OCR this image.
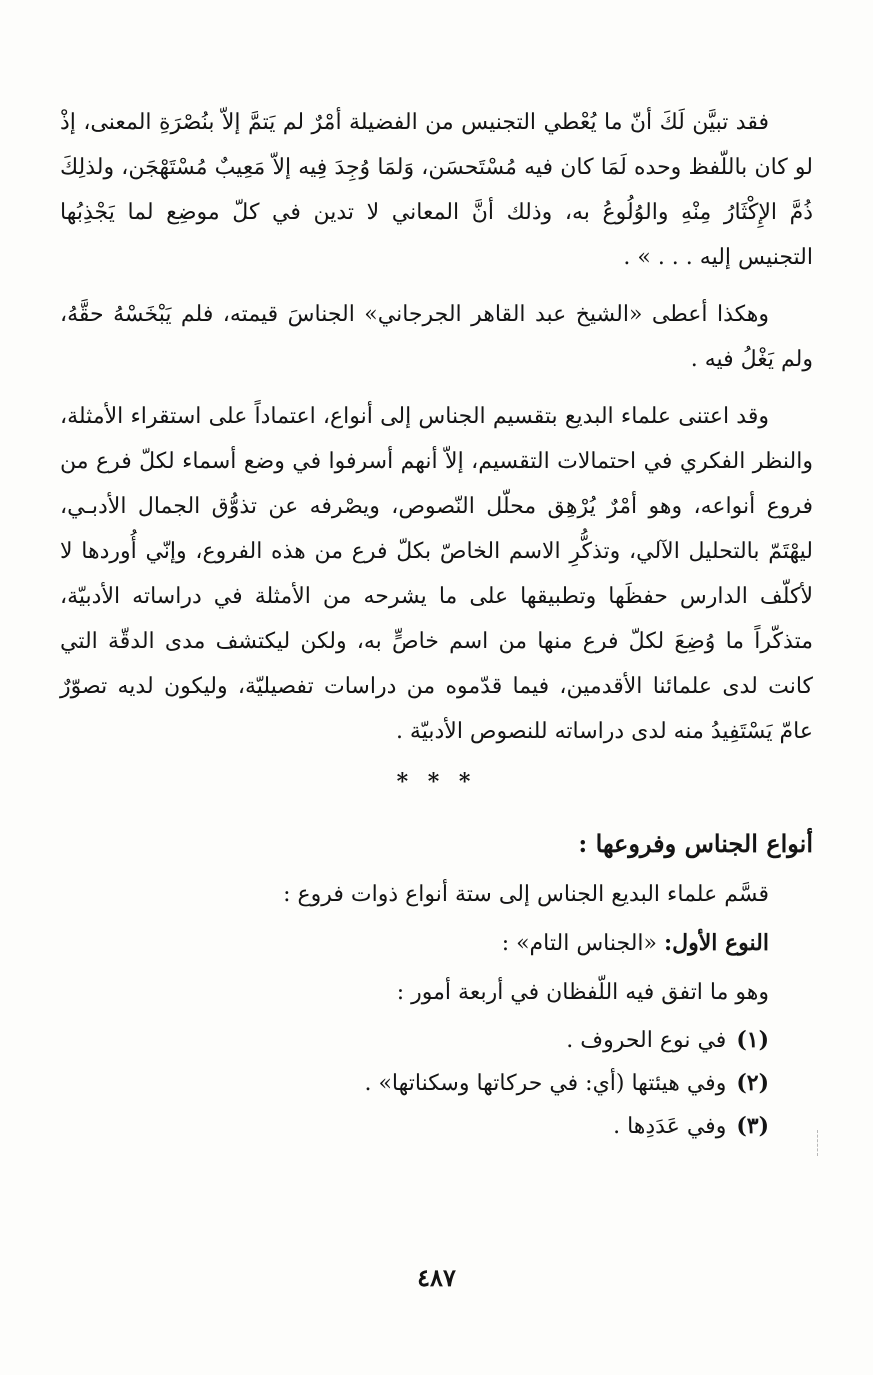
فقد تبيَّن لَكَ أنّ ما يُعْطي التجنيس من الفضيلة أمْرٌ لم يَتمَّ إلاّ بنُصْرَةِ المعنى، إذْ لو كان باللّفظ وحده لَمَا كان فيه مُسْتَحسَن، وَلمَا وُجِدَ فِيه إلاّ مَعِيبٌ مُسْتَهْجَن، ولذلِكَ ذُمَّ الإِكْثَارُ مِنْهِ والوُلُوعُ به، وذلك أنَّ المعاني لا تدين في كلّ موضِع لما يَجْذِبُها التجنيس إليه . . . » .

وهكذا أعطى «الشيخ عبد القاهر الجرجاني» الجناسَ قيمته، فلم يَبْخَسْهُ حقَّهُ، ولم يَغْلُ فيه .

وقد اعتنى علماء البديع بتقسيم الجناس إلى أنواع، اعتماداً على استقراء الأمثلة، والنظر الفكري في احتمالات التقسيم، إلاّ أنهم أسرفوا في وضع أسماء لكلّ فرع من فروع أنواعه، وهو أمْرٌ يُرْهِق محلّل النّصوص، ويصْرفه عن تذوُّق الجمال الأدبـي، ليهْتَمّ بالتحليل الآلي، وتذكُّرِ الاسم الخاصّ بكلّ فرع من هذه الفروع، وإنّي أُوردها لا لأكلّف الدارس حفظَها وتطبيقها على ما يشرحه من الأمثلة في دراساته الأدبيّة، متذكّراً ما وُضِعَ لكلّ فرع منها من اسم خاصٍّ به، ولكن ليكتشف مدى الدقّة التي كانت لدى علمائنا الأقدمين، فيما قدّموه من دراسات تفصيليّة، وليكون لديه تصوّرٌ عامّ يَسْتَفِيدُ منه لدى دراساته للنصوص الأدبيّة .

* * *
أنواع الجناس وفروعها :
قسَّم علماء البديع الجناس إلى ستة أنواع ذوات فروع :
النوع الأول: «الجناس التام» :
وهو ما اتفق فيه اللّفظان في أربعة أمور :
(١)في نوع الحروف .
(٢)وفي هيئتها (أي: في حركاتها وسكناتها» .
(٣)وفي عَدَدِها .
٤٨٧
